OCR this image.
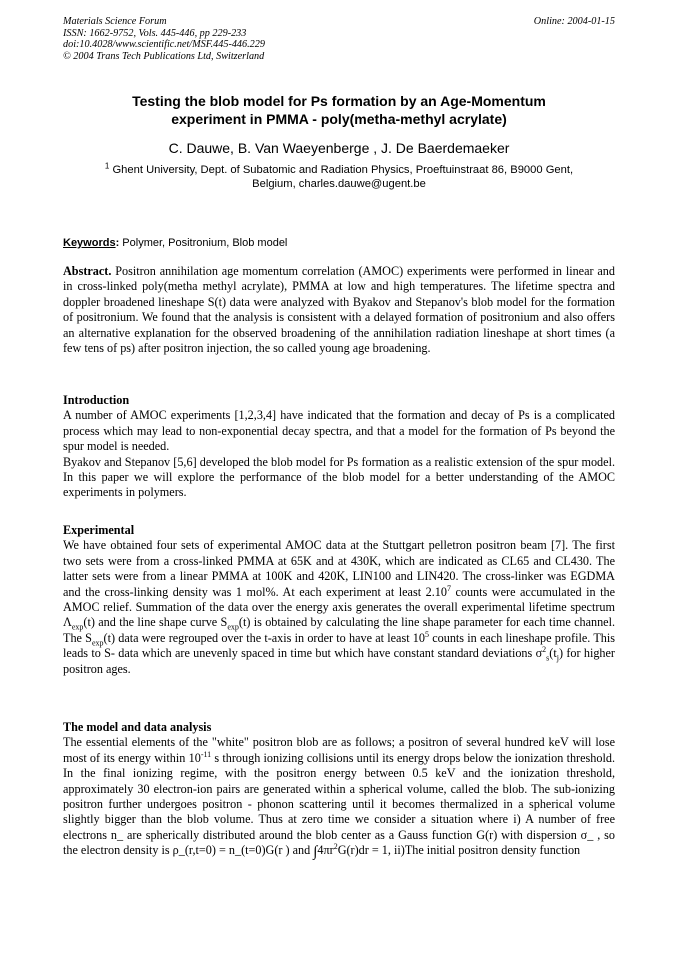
Materials Science Forum
ISSN: 1662-9752, Vols. 445-446, pp 229-233
doi:10.4028/www.scientific.net/MSF.445-446.229
© 2004 Trans Tech Publications Ltd, Switzerland
Online: 2004-01-15
Testing the blob model for Ps formation by an Age-Momentum
experiment in PMMA - poly(metha-methyl acrylate)
C. Dauwe, B. Van Waeyenberge , J. De Baerdemaeker
$^1$ Ghent University, Dept. of Subatomic and Radiation Physics, Proeftuinstraat 86, B9000 Gent,
Belgium, charles.dauwe@ugent.be
Keywords: Polymer, Positronium, Blob model

Abstract. Positron annihilation age momentum correlation (AMOC) experiments were performed in linear and in cross-linked poly(metha methyl acrylate), PMMA at low and high temperatures. The lifetime spectra and doppler broadened lineshape S(t) data were analyzed with Byakov and Stepanov's blob model for the formation of positronium. We found that the analysis is consistent with a delayed formation of positronium and also offers an alternative explanation for the observed broadening of the annihilation radiation lineshape at short times (a few tens of ps) after positron injection, the so called young age broadening.

Introduction

A number of AMOC experiments [1,2,3,4] have indicated that the formation and decay of Ps is a complicated process which may lead to non-exponential decay spectra, and that a model for the formation of Ps beyond the spur model is needed.

Byakov and Stepanov [5,6] developed the blob model for Ps formation as a realistic extension of the spur model. In this paper we will explore the performance of the blob model for a better understanding of the AMOC experiments in polymers.

Experimental

We have obtained four sets of experimental AMOC data at the Stuttgart pelletron positron beam [7]. The first two sets were from a cross-linked PMMA at 65K and at 430K, which are indicated as CL65 and CL430. The latter sets were from a linear PMMA at 100K and 420K, LIN100 and LIN420. The cross-linker was EGDMA and the cross-linking density was 1 mol%. At each experiment at least 2.10$^7$ counts were accumulated in the AMOC relief. Summation of the data over the energy axis generates the overall experimental lifetime spectrum $\Lambda_{exp}(t)$ and the line shape curve $S_{exp}(t)$ is obtained by calculating the line shape parameter for each time channel. The $S_{exp}(t)$ data were regrouped over the t-axis in order to have at least $10^5$ counts in each lineshape profile. This leads to S- data which are unevenly spaced in time but which have constant standard deviations $\sigma^2_s(t_j)$ for higher positron ages.

The model and data analysis

The essential elements of the "white" positron blob are as follows; a positron of several hundred keV will lose most of its energy within $10^{-11}$ s through ionizing collisions until its energy drops below the ionization threshold. In the final ionizing regime, with the positron energy between 0.5 keV and the ionization threshold, approximately 30 electron-ion pairs are generated within a spherical volume, called the blob. The sub-ionizing positron further undergoes positron - phonon scattering until it becomes thermalized in a spherical volume slightly bigger than the blob volume. Thus at zero time we consider a situation where i) A number of free electrons n_ are spherically distributed around the blob center as a Gauss function G(r) with dispersion σ_ , so the electron density is ρ_(r,t=0) = n_(t=0)G(r ) and $\int 4\pi r^2G(r)dr = 1$, ii)The initial positron density function
